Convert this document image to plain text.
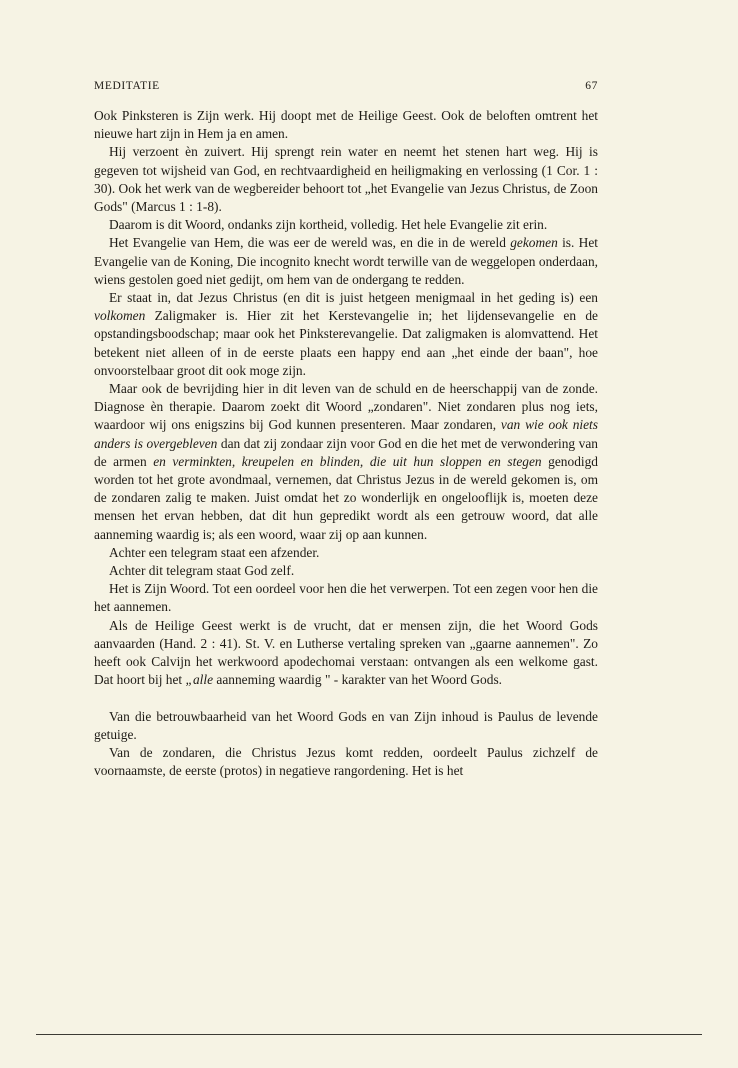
MEDITATIE	67

Ook Pinksteren is Zijn werk. Hij doopt met de Heilige Geest. Ook de beloften omtrent het nieuwe hart zijn in Hem ja en amen.

Hij verzoent èn zuivert. Hij sprengt rein water en neemt het stenen hart weg. Hij is gegeven tot wijsheid van God, en rechtvaardigheid en heiligmaking en verlossing (1 Cor. 1 : 30). Ook het werk van de wegbereider behoort tot „het Evangelie van Jezus Christus, de Zoon Gods" (Marcus 1 : 1-8).

Daarom is dit Woord, ondanks zijn kortheid, volledig. Het hele Evangelie zit erin.

Het Evangelie van Hem, die was eer de wereld was, en die in de wereld gekomen is. Het Evangelie van de Koning, Die incognito knecht wordt terwille van de weggelopen onderdaan, wiens gestolen goed niet gedijt, om hem van de ondergang te redden.

Er staat in, dat Jezus Christus (en dit is juist hetgeen menigmaal in het geding is) een volkomen Zaligmaker is. Hier zit het Kerstevangelie in; het lijdensevangelie en de opstandingsboodschap; maar ook het Pinksterevangelie. Dat zaligmaken is alomvattend. Het betekent niet alleen of in de eerste plaats een happy end aan „het einde der baan", hoe onvoorstelbaar groot dit ook moge zijn.

Maar ook de bevrijding hier in dit leven van de schuld en de heerschappij van de zonde. Diagnose èn therapie. Daarom zoekt dit Woord „zondaren". Niet zondaren plus nog iets, waardoor wij ons enigszins bij God kunnen presenteren. Maar zondaren, van wie ook niets anders is overgebleven dan dat zij zondaar zijn voor God en die het met de verwondering van de armen en verminkten, kreupelen en blinden, die uit hun sloppen en stegen genodigd worden tot het grote avondmaal, vernemen, dat Christus Jezus in de wereld gekomen is, om de zondaren zalig te maken. Juist omdat het zo wonderlijk en ongelooflijk is, moeten deze mensen het ervan hebben, dat dit hun gepredikt wordt als een getrouw woord, dat alle aanneming waardig is; als een woord, waar zij op aan kunnen.

Achter een telegram staat een afzender.

Achter dit telegram staat God zelf.

Het is Zijn Woord. Tot een oordeel voor hen die het verwerpen. Tot een zegen voor hen die het aannemen.

Als de Heilige Geest werkt is de vrucht, dat er mensen zijn, die het Woord Gods aanvaarden (Hand. 2 : 41). St. V. en Lutherse vertaling spreken van „gaarne aannemen". Zo heeft ook Calvijn het werkwoord apodechomai verstaan: ontvangen als een welkome gast. Dat hoort bij het „alle aanneming waardig " - karakter van het Woord Gods.

Van die betrouwbaarheid van het Woord Gods en van Zijn inhoud is Paulus de levende getuige.

Van de zondaren, die Christus Jezus komt redden, oordeelt Paulus zichzelf de voornaamste, de eerste (protos) in negatieve rangordening. Het is het
